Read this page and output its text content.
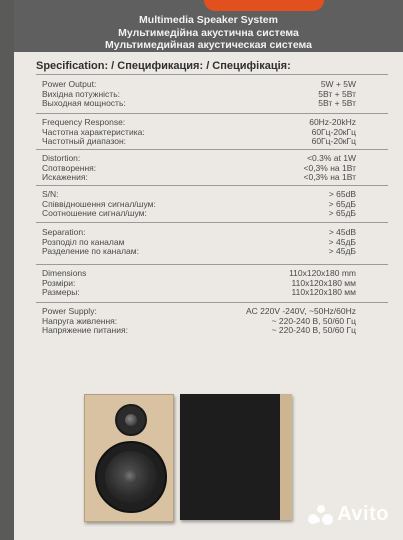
Multimedia Speaker System
Мультимедійна акустична система
Мультимедийная акустическая система
Specification: / Спецификация: / Специфікація:
Power Output:	5W + 5W
Вихідна потужність:	5Вт + 5Вт
Выходная мощность:	5Вт + 5Вт
Frequency Response:	60Hz-20kHz
Частотна характеристика:	60Гц-20кГц
Частотный диапазон:	60Гц-20кГц
Distortion:	<0.3% at 1W
Спотворення:	<0,3% на 1Вт
Искажения:	<0,3% на 1Вт
S/N:	> 65dB
Співвідношення сигнал/шум:	> 65дБ
Соотношение сигнал/шум:	> 65дБ
Separation:	> 45dB
Розподіл по каналам	> 45дБ
Разделение по каналам:	> 45дБ
Dimensions	110x120x180 mm
Розміри:	110x120x180 мм
Размеры:	110x120x180 мм
Power Supply:	AC 220V -240V, ~50Hz/60Hz
Напруга живлення:	~ 220-240 В, 50/60 Гц
Напряжение питания:	~ 220-240 В, 50/60 Гц
Avito
